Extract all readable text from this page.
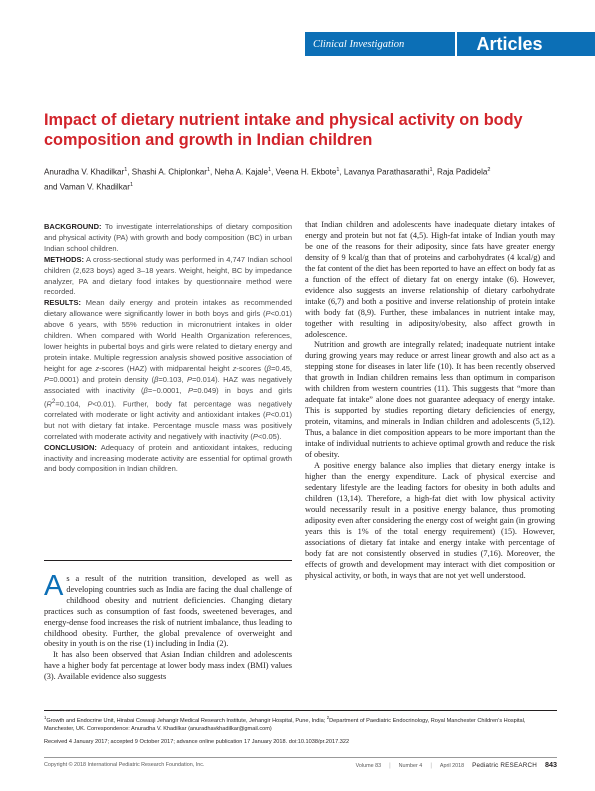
Clinical Investigation	Articles
Impact of dietary nutrient intake and physical activity on body composition and growth in Indian children
Anuradha V. Khadilkar$^1$, Shashi A. Chiplonkar$^1$, Neha A. Kajale$^1$, Veena H. Ekbote$^1$, Lavanya Parathasarathi$^1$, Raja Padidela$^2$
and Vaman V. Khadilkar$^1$

BACKGROUND: To investigate interrelationships of dietary composition and physical activity (PA) with growth and body composition (BC) in urban Indian school children.

METHODS: A cross-sectional study was performed in 4,747 Indian school children (2,623 boys) aged 3–18 years. Weight, height, BC by impedance analyzer, PA and dietary food intakes by questionnaire method were recorded.

RESULTS: Mean daily energy and protein intakes as recommended dietary allowance were significantly lower in both boys and girls (P<0.01) above 6 years, with 55% reduction in micronutrient intakes in older children. When compared with World Health Organization references, lower heights in pubertal boys and girls were related to dietary energy and protein intake. Multiple regression analysis showed positive association of height for age z-scores (HAZ) with midparental height z-scores (β=0.45, P=0.0001) and protein density (β=0.103, P=0.014). HAZ was negatively associated with inactivity (β=−0.0001, P=0.049) in boys and girls ($R^2=0.104$, P<0.01). Further, body fat percentage was negatively correlated with moderate or light activity and antioxidant intakes (P<0.01) but not with dietary fat intake. Percentage muscle mass was positively correlated with moderate activity and negatively with inactivity (P<0.05).

CONCLUSION: Adequacy of protein and antioxidant intakes, reducing inactivity and increasing moderate activity are essential for optimal growth and body composition in Indian children.

As a result of the nutrition transition, developed as well as developing countries such as India are facing the dual challenge of childhood obesity and nutrient deficiencies. Changing dietary practices such as consumption of fast foods, sweetened beverages, and energy-dense food increases the risk of nutrient imbalance, thus leading to childhood obesity. Further, the global prevalence of overweight and obesity in youth is on the rise (1) including in India (2).

It has also been observed that Asian Indian children and adolescents have a higher body fat percentage at lower body mass index (BMI) values (3). Available evidence also suggests

that Indian children and adolescents have inadequate dietary intakes of energy and protein but not fat (4,5). High-fat intake of Indian youth may be one of the reasons for their adiposity, since fats have greater energy density of 9 kcal/g than that of proteins and carbohydrates (4 kcal/g) and the fat content of the diet has been reported to have an effect on body fat as a function of the effect of dietary fat on energy intake (6). However, evidence also suggests an inverse relationship of dietary carbohydrate intake (6,7) and both a positive and inverse relationship of protein intake with body fat (8,9). Further, these imbalances in nutrient intake may, together with resulting in adiposity/obesity, also affect growth in adolescence.

Nutrition and growth are integrally related; inadequate nutrient intake during growing years may reduce or arrest linear growth and also act as a stepping stone for diseases in later life (10). It has been recently observed that growth in Indian children remains less than optimum in comparison with children from western countries (11). This suggests that “more than adequate fat intake” alone does not guarantee adequacy of energy intake. This is supported by studies reporting dietary deficiencies of energy, protein, vitamins, and minerals in Indian children and adolescents (5,12). Thus, a balance in diet composition appears to be more important than the intake of individual nutrients to achieve optimal growth and reduce the risk of obesity.

A positive energy balance also implies that dietary energy intake is higher than the energy expenditure. Lack of physical exercise and sedentary lifestyle are the leading factors for obesity in both adults and children (13,14). Therefore, a high-fat diet with low physical activity would necessarily result in a positive energy balance, thus promoting adiposity even after considering the energy cost of weight gain (in growing years this is 1% of the total energy requirement) (15). However, associations of dietary fat intake and energy intake with percentage of body fat are not consistently observed in studies (7,16). Moreover, the effects of growth and development may interact with diet composition or physical activity, or both, in ways that are not yet well understood.

$^1$Growth and Endocrine Unit, Hirabai Cowasji Jehangir Medical Research Institute, Jehangir Hospital, Pune, India; $^2$Department of Paediatric Endocrinology, Royal Manchester Children’s Hospital, Manchester, UK. Correspondence: Anuradha V. Khadilkar (anuradhavkhadilkar@gmail.com)
Received 4 January 2017; accepted 9 October 2017; advance online publication 17 January 2018. doi:10.1038/pr.2017.322
Copyright © 2018 International Pediatric Research Foundation, Inc.	Volume 83 | Number 4 | April 2018 Pediatric RESEARCH 843
